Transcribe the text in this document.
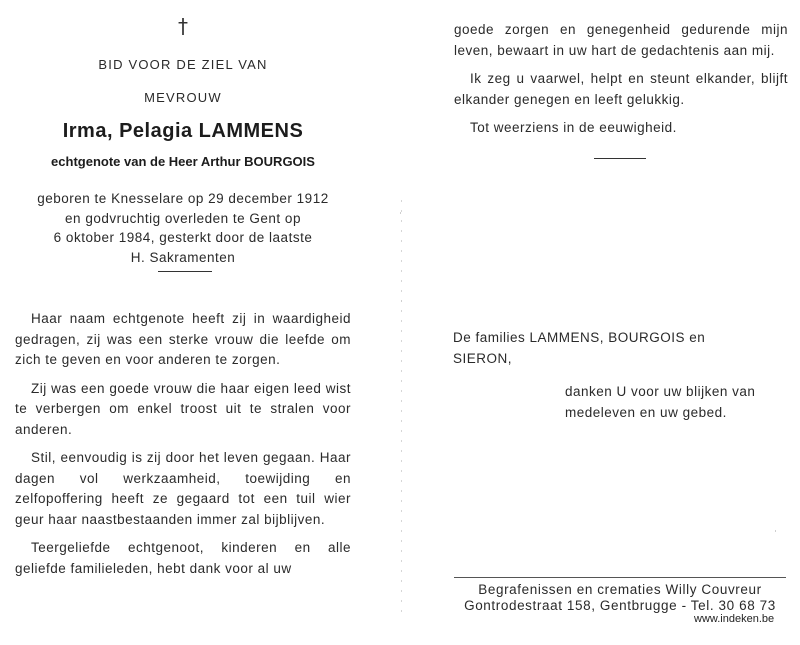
†
BID VOOR DE ZIEL VAN
MEVROUW
Irma, Pelagia LAMMENS
echtgenote van de Heer Arthur BOURGOIS
geboren te Knesselare op 29 december 1912
en godvruchtig overleden te Gent op
6 oktober 1984, gesterkt door de laatste
H. Sakramenten

Haar naam echtgenote heeft zij in waardigheid gedragen, zij was een sterke vrouw die leefde om zich te geven en voor anderen te zorgen.

Zij was een goede vrouw die haar eigen leed wist te verbergen om enkel troost uit te stralen voor anderen.

Stil, eenvoudig is zij door het leven gegaan. Haar dagen vol werkzaamheid, toewijding en zelfopoffering heeft ze gegaard tot een tuil wier geur haar naastbestaanden immer zal bijblijven.

Teergeliefde echtgenoot, kinderen en alle geliefde familieleden, hebt dank voor al uw

goede zorgen en genegenheid gedurende mijn leven, bewaart in uw hart de gedachtenis aan mij.

Ik zeg u vaarwel, helpt en steunt elkander, blijft elkander genegen en leeft gelukkig.

Tot weerziens in de eeuwigheid.

De families LAMMENS, BOURGOIS en
SIERON,
danken U voor uw blijken van
medeleven en uw gebed.
Begrafenissen en crematies Willy Couvreur
Gontrodestraat 158, Gentbrugge - Tel. 30 68 73
www.indeken.be
